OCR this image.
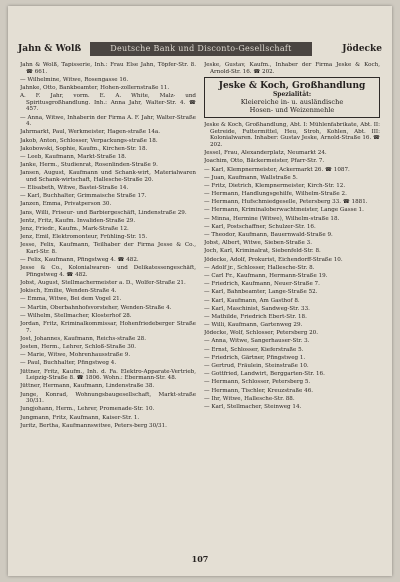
Jahn & Wolß	Deutsche Bank und Disconto-Gesellschaft	Jödecke
Jahn & Wolß, Tapisserie, Inh.: Frau Else Jahn, Töpfer-Str. 8. ☎ 661.
— Wilhelmine, Witwe, Rosengasse 16.
Jahnke, Otto, Bankbeamter, Hohen-zollernstraße 11.
A. F. Jahr, vorm. E. A. White, Malz- und Spiritusgroßhandlung. Inh.: Anna Jahr, Walter-Str. 4. ☎ 457.
— Anna, Witwe, Inhaberin der Firma A. F. Jahr, Walter-Straße 4.
Jahrmarkt, Paul, Werkmeister, Hagen-straße 14a.
Jakob, Anton, Schlosser, Verpackungs-straße 18.
Jakobowski, Sophie, Kaufm., Kirchen-Str. 18.
— Leeb, Kaufmann, Markt-Straße 18.
Janke, Herm., Studienrat, Rosenlinden-Straße 9.
Jansen, August, Kaufmann und Schank-wirt, Materialwaren und Schank-wirtschaft, Hallesche-Straße 20.
— Elisabeth, Witwe, Bastei-Straße 14.
— Karl, Buchhalter, Grimmaische Straße 17.
Janzen, Emma, Privatperson 30.
Jans, Willi, Friseur- und Barbiergeschäft, Lindenstraße 29.
Jentz, Fritz, Kaufm. Invaliden-Straße 29.
Jenz, Friedr., Kaufm., Mark-Straße 12.
Jenz, Emil, Elektromonteur, Frühling-Str. 15.
Jesse, Felix, Kaufmann, Teilhaber der Firma Jesse & Co., Karl-Str. 8.
— Felix, Kaufmann, Pfingstweg 4. ☎ 482.
Jesse & Co., Kolonialwaren- und Delikatessengeschäft, Pfingstweg 4. ☎ 482.
Jobst, August, Stellmachermeister a. D., Wolfer-Straße 21.
Jokisch, Emilie, Wenden-Straße 4.
— Emma, Witwe, Bei dem Vogel 21.
— Martin, Oberbahnhofsvorsteher, Wenden-Straße 4.
— Wilhelm, Stellmacher, Klosterhof 28.
Jordan, Fritz, Kriminalkommissar, Hohenfriedeberger Straße 7.
Jost, Johannes, Kaufmann, Reichs-straße 28.
Josten, Herm., Lehrer, Schloß-Straße 30.
— Marie, Witwe, Mohrenhausstraße 9.
— Paul, Buchhalter, Pfingstweg 4.
Jüttner, Fritz, Kaufm., Inh. d. Fa. Elektro-Apparate-Vertrieb, Leipzig-Straße 8. ☎ 1806. Wohn.: Ebermann-Str. 48.
Jüttner, Hermann, Kaufmann, Lindenstraße 38.
Junge, Konrad, Wohnungsbaugesellschaft, Markt-straße 30/31.
Jungjohann, Herm., Lehrer, Promenade-Str. 10.
Jungmann, Fritz, Kaufmann, Kaiser-Str. 1.
Juritz, Bertha, Kaufmannswitwe, Peters-berg 30/31.
Jeske, Gustav, Kaufm., Inhaber der Firma Jeske & Koch, Arnold-Str. 16. ☎ 202.
Jeske & Koch, Großhandlung
Spezialität:
Kleiereiche in- u. ausländische
Hosen- und Weizenmehle
Jeske & Koch, Großhandlung, Abt. I: Mühlenfabrikate, Abt. II: Getreide, Futtermittel, Heu, Stroh, Kohlen, Abt. III: Kolonialwaren. Inhaber: Gustav Jeske, Arnold-Straße 16. ☎ 202.
Jessel, Frau, Alexanderplatz, Neumarkt 24.
Joachim, Otto, Bäckermeister, Pfarr-Str. 7.
— Karl, Klempnermeister, Ackermarkt 26. ☎ 1087.
— Juan, Kaufmann, Wallstraße 5.
— Fritz, Dietrich, Klempnermeister, Kirch-Str. 12.
— Hermann, Handlungsgehilfe, Wilhelm-Straße 2.
— Hermann, Hufschmiedgeselle, Petersberg 33. ☎ 1881.
— Hermann, Kriminaloberwachtmeister, Lange Gasse 1.
— Minna, Hermine (Witwe), Wilhelm-straße 18.
— Karl, Postschaffner, Schulzer-Str. 16.
— Theodor, Kaufmann, Bauernwald-Straße 9.
Jobst, Albert, Witwe, Sieben-Straße 3.
Joch, Karl, Kriminalrat, Siebenfeld-Str. 8.
Jödecke, Adolf, Prokurist, Eichendorff-Straße 10.
— Adolf jr., Schlosser, Hallesche-Str. 8.
— Carl Fr., Kaufmann, Hermann-Straße 19.
— Friedrich, Kaufmann, Neuer-Straße 7.
— Karl, Bahnbeamter, Lange-Straße 52.
— Karl, Kaufmann, Am Gasthof 8.
— Karl, Maschinist, Sandweg-Str. 33.
— Mathilde, Friedrich Ebert-Str. 18.
— Willi, Kaufmann, Gartenweg 29.
Jödecke, Wolf, Schlosser, Petersberg 20.
— Anna, Witwe, Sangerhauser-Str. 3.
— Ernst, Schlosser, Kieferstraße 5.
— Friedrich, Gärtner, Pfingstweg 1.
— Gertrud, Fräulein, Steinstraße 10.
— Gottfried, Landwirt, Berggarten-Str. 16.
— Hermann, Schlosser, Petersberg 5.
— Hermann, Tischler, Kreuzstraße 46.
— Ihr, Witwe, Hallesche-Str. 88.
— Karl, Stellmacher, Steinweg 14.
107
